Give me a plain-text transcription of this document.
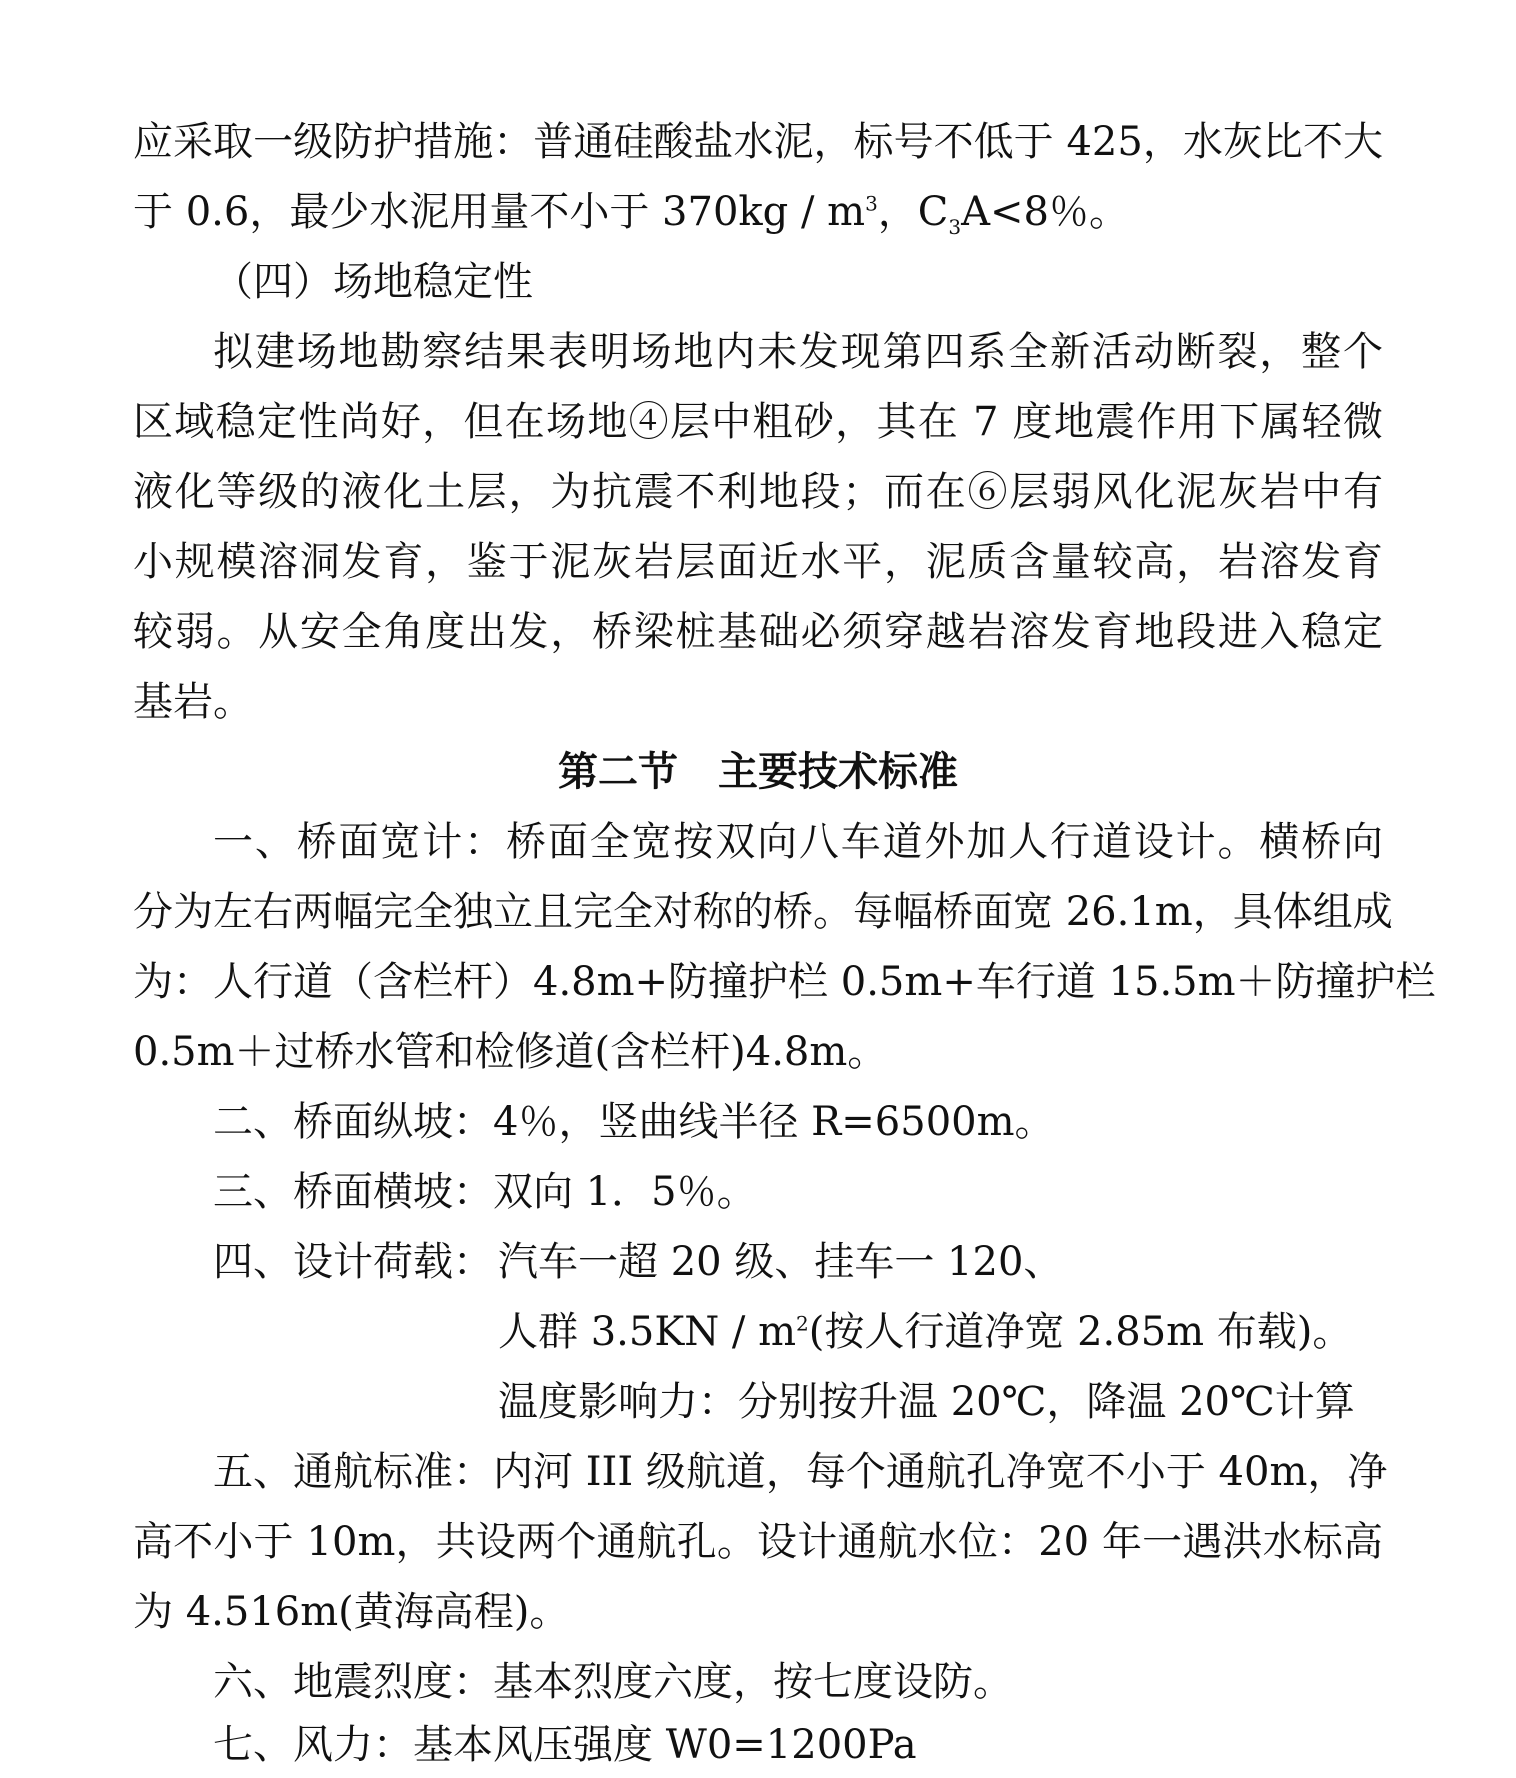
应采取一级防护措施：普通硅酸盐水泥，标号不低于 425，水灰比不大
于 0.6，最少水泥用量不小于 $370kg / m^3$，$C_3A<8$％。
（四）场地稳定性
拟建场地勘察结果表明场地内未发现第四系全新活动断裂，整个
区域稳定性尚好，但在场地④层中粗砂，其在 7 度地震作用下属轻微
液化等级的液化土层，为抗震不利地段；而在⑥层弱风化泥灰岩中有
小规模溶洞发育，鉴于泥灰岩层面近水平，泥质含量较高，岩溶发育
较弱。从安全角度出发，桥梁桩基础必须穿越岩溶发育地段进入稳定
基岩。
第二节　主要技术标准
一、桥面宽计：桥面全宽按双向八车道外加人行道设计。横桥向
分为左右两幅完全独立且完全对称的桥。每幅桥面宽 26.1m，具体组成
为：人行道（含栏杆）4.8m+防撞护栏 0.5m+车行道 15.5m＋防撞护栏
0.5m＋过桥水管和检修道(含栏杆)4.8m。
二、桥面纵坡：4％，竖曲线半径 R=6500m。
三、桥面横坡：双向 1．5％。
四、设计荷载： 汽车一超 20 级、挂车一 120、
人群 $3.5KN / m^2$(按人行道净宽 2.85m 布载)。
温度影响力：分别按升温 20℃，降温 20℃计算
五、通航标准：内河 III 级航道，每个通航孔净宽不小于 40m，净
高不小于 10m，共设两个通航孔。设计通航水位：20 年一遇洪水标高
为 4.516m(黄海高程)。
六、地震烈度：基本烈度六度，按七度设防。
七、风力：基本风压强度 W0=1200Pa
